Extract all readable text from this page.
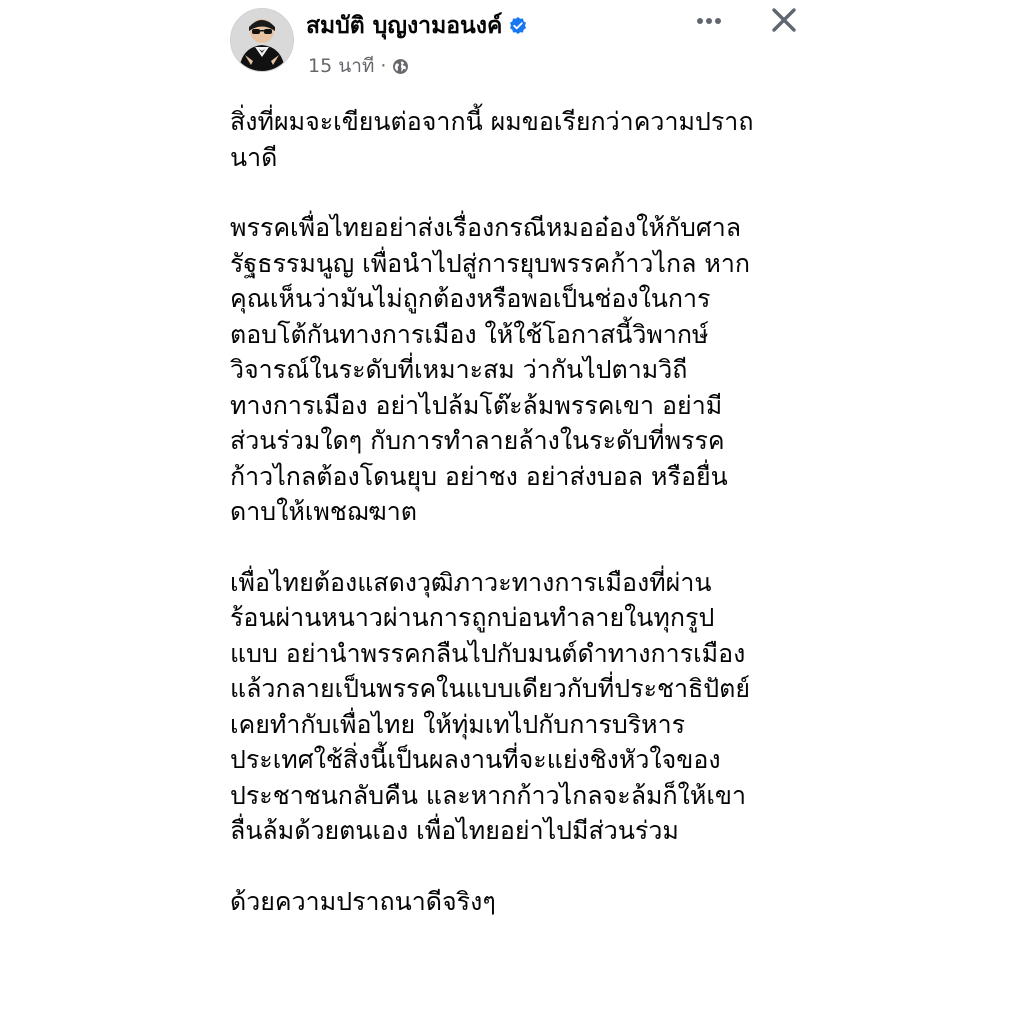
สมบัติ บุญงามอนงค์
15 นาที ·

สิ่งที่ผมจะเขียนต่อจากนี้ ผมขอเรียกว่าความปราถ
นาดี

พรรคเพื่อไทยอย่าส่งเรื่องกรณีหมออ๋องให้กับศาล
รัฐธรรมนูญ เพื่อนำไปสู่การยุบพรรคก้าวไกล หาก
คุณเห็นว่ามันไม่ถูกต้องหรือพอเป็นช่องในการ
ตอบโต้กันทางการเมือง ให้ใช้โอกาสนี้วิพากษ์
วิจารณ์ในระดับที่เหมาะสม ว่ากันไปตามวิถี
ทางการเมือง อย่าไปล้มโต๊ะล้มพรรคเขา อย่ามี
ส่วนร่วมใดๆ กับการทำลายล้างในระดับที่พรรค
ก้าวไกลต้องโดนยุบ อย่าชง อย่าส่งบอล หรือยื่น
ดาบให้เพชฌฆาต

เพื่อไทยต้องแสดงวุฒิภาวะทางการเมืองที่ผ่าน
ร้อนผ่านหนาวผ่านการถูกบ่อนทำลายในทุกรูป
แบบ อย่านำพรรคกลืนไปกับมนต์ดำทางการเมือง
แล้วกลายเป็นพรรคในแบบเดียวกับที่ประชาธิปัตย์
เคยทำกับเพื่อไทย ให้ทุ่มเทไปกับการบริหาร
ประเทศใช้สิ่งนี้เป็นผลงานที่จะแย่งชิงหัวใจของ
ประชาชนกลับคืน และหากก้าวไกลจะล้มก็ให้เขา
ลื่นล้มด้วยตนเอง เพื่อไทยอย่าไปมีส่วนร่วม

ด้วยความปราถนาดีจริงๆ
